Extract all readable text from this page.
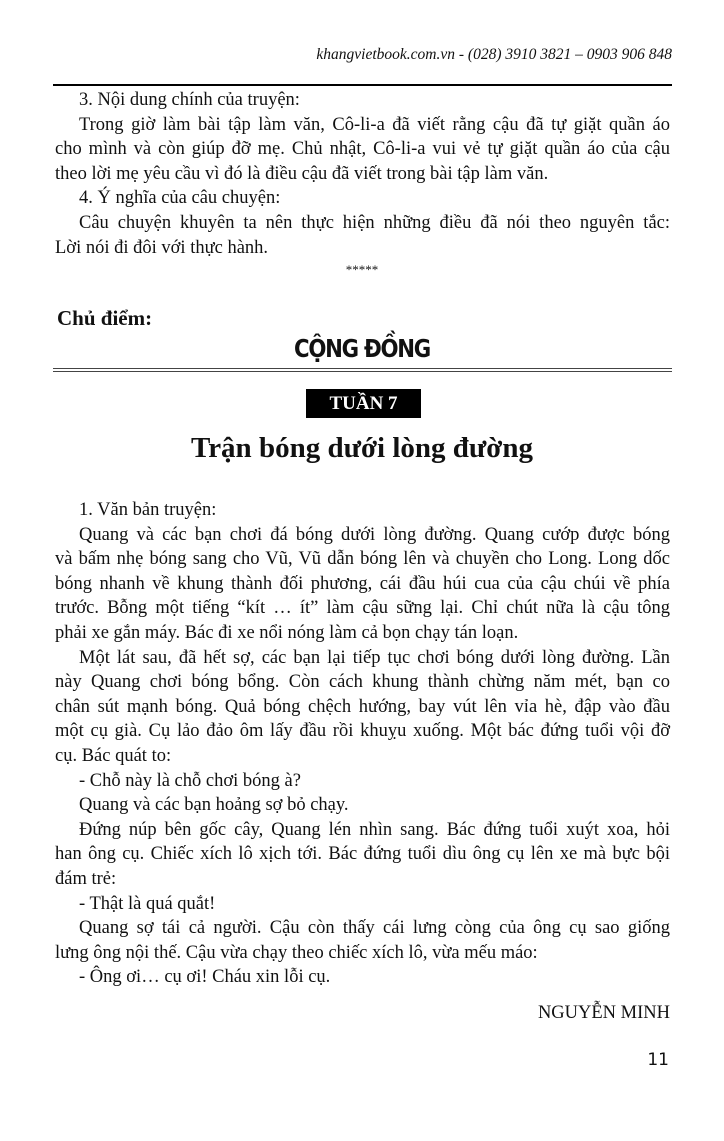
khangvietbook.com.vn - (028) 3910 3821 – 0903 906 848
3. Nội dung chính của truyện:
Trong giờ làm bài tập làm văn, Cô-li-a đã viết rằng cậu đã tự giặt quần áo
cho mình và còn giúp đỡ mẹ. Chủ nhật, Cô-li-a vui vẻ tự giặt quần áo của cậu
theo lời mẹ yêu cầu vì đó là điều cậu đã viết trong bài tập làm văn.
4. Ý nghĩa của câu chuyện:
Câu chuyện khuyên ta nên thực hiện những điều đã nói theo nguyên tắc:
Lời nói đi đôi với thực hành.
*****
Chủ điểm:
CỘNG ĐỒNG
TUẦN 7
Trận bóng dưới lòng đường
1. Văn bản truyện:
Quang và các bạn chơi đá bóng dưới lòng đường. Quang cướp được bóng
và bấm nhẹ bóng sang cho Vũ, Vũ dẫn bóng lên và chuyền cho Long. Long dốc
bóng nhanh về khung thành đối phương, cái đầu húi cua của cậu chúi về phía
trước. Bỗng một tiếng “kít … ít” làm cậu sững lại. Chỉ chút nữa là cậu tông
phải xe gắn máy. Bác đi xe nổi nóng làm cả bọn chạy tán loạn.
Một lát sau, đã hết sợ, các bạn lại tiếp tục chơi bóng dưới lòng đường. Lần
này Quang chơi bóng bổng. Còn cách khung thành chừng năm mét, bạn co
chân sút mạnh bóng. Quả bóng chệch hướng, bay vút lên vỉa hè, đập vào đầu
một cụ già. Cụ lảo đảo ôm lấy đầu rồi khuỵu xuống. Một bác đứng tuổi vội đỡ
cụ. Bác quát to:
- Chỗ này là chỗ chơi bóng à?
Quang và các bạn hoảng sợ bỏ chạy.
Đứng núp bên gốc cây, Quang lén nhìn sang. Bác đứng tuổi xuýt xoa, hỏi
han ông cụ. Chiếc xích lô xịch tới. Bác đứng tuổi dìu ông cụ lên xe mà bực bội
đám trẻ:
- Thật là quá quắt!
Quang sợ tái cả người. Cậu còn thấy cái lưng còng của ông cụ sao giống
lưng ông nội thế. Cậu vừa chạy theo chiếc xích lô, vừa mếu máo:
- Ông ơi… cụ ơi! Cháu xin lỗi cụ.
NGUYỄN MINH
11
